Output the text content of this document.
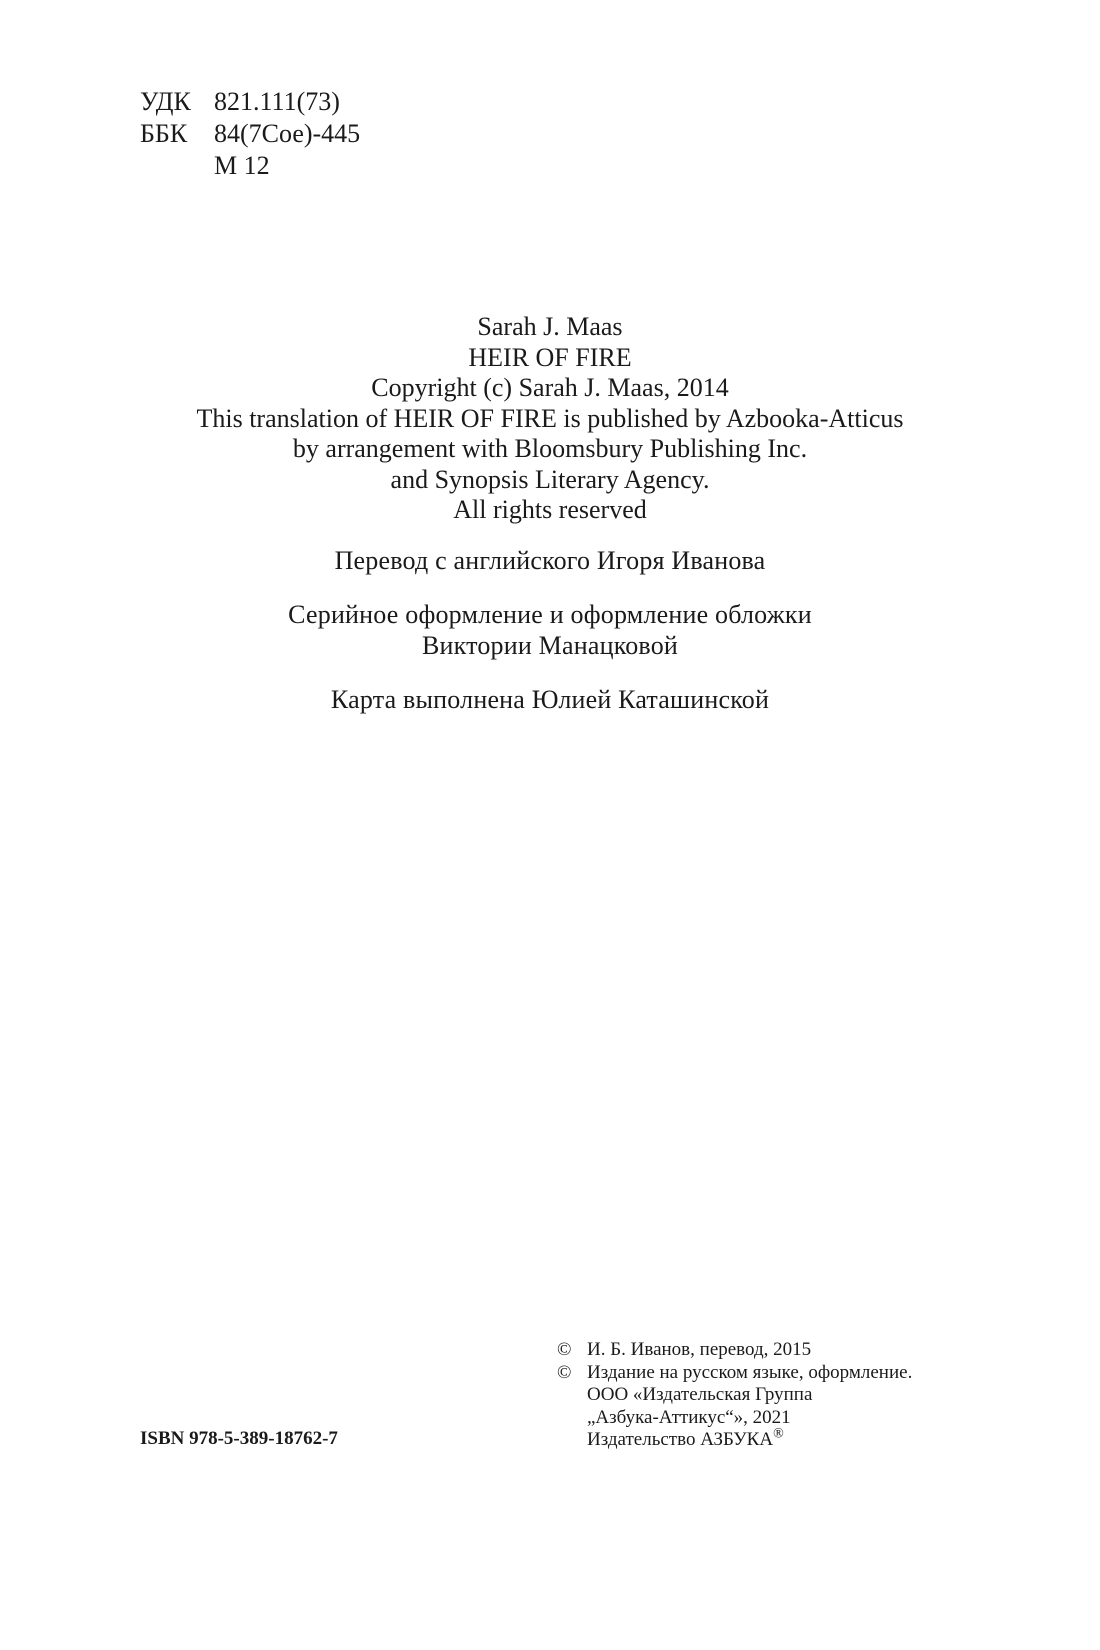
УДК 821.111(73)
ББК	84(7Сое)-445
М 12
Sarah J. Maas
HEIR OF FIRE
Copyright (c) Sarah J. Maas, 2014
This translation of HEIR OF FIRE is published by Azbooka-Atticus
by arrangement with Bloomsbury Publishing Inc.
and Synopsis Literary Agency.
All rights reserved
Перевод с английского Игоря Иванова
Серийное оформление и оформление обложки
Виктории Манацковой
Карта выполнена Юлией Каташинской
© И. Б. Иванов, перевод, 2015
© Издание на русском языке, оформление.
ООО «Издательская Группа
„Азбука-Аттикус“», 2021
Издательство АЗБУКА®
ISBN 978-5-389-18762-7
